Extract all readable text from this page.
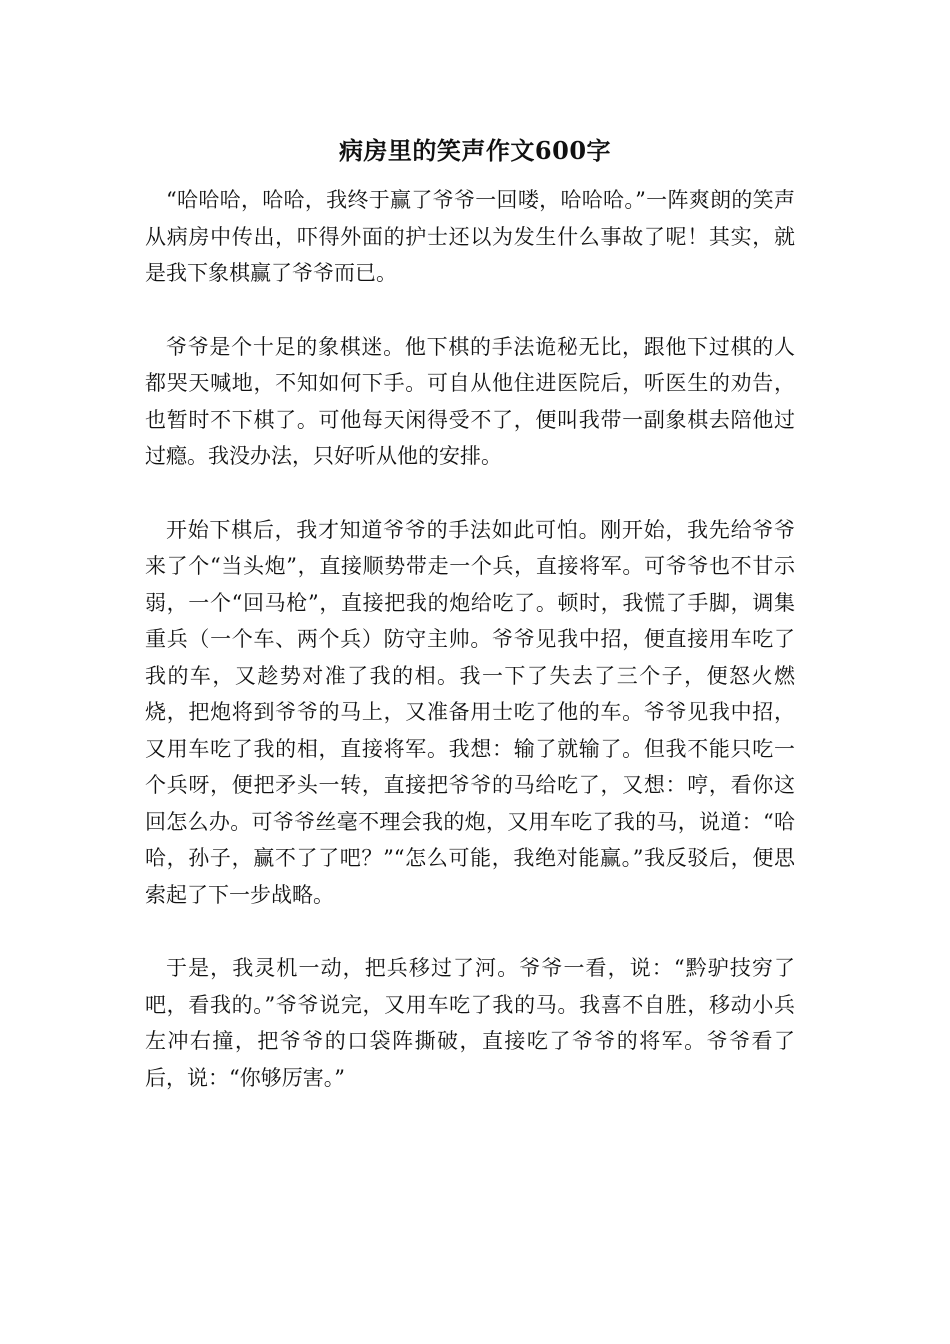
病房里的笑声作文600字

“哈哈哈，哈哈，我终于赢了爷爷一回喽，哈哈哈。”一阵爽朗的笑声从病房中传出，吓得外面的护士还以为发生什么事故了呢！其实，就是我下象棋赢了爷爷而已。

爷爷是个十足的象棋迷。他下棋的手法诡秘无比，跟他下过棋的人都哭天喊地，不知如何下手。可自从他住进医院后，听医生的劝告，也暂时不下棋了。可他每天闲得受不了，便叫我带一副象棋去陪他过过瘾。我没办法，只好听从他的安排。

开始下棋后，我才知道爷爷的手法如此可怕。刚开始，我先给爷爷来了个“当头炮”，直接顺势带走一个兵，直接将军。可爷爷也不甘示弱，一个“回马枪”，直接把我的炮给吃了。顿时，我慌了手脚，调集重兵（一个车、两个兵）防守主帅。爷爷见我中招，便直接用车吃了我的车，又趁势对准了我的相。我一下了失去了三个子，便怒火燃烧，把炮将到爷爷的马上，又准备用士吃了他的车。爷爷见我中招，又用车吃了我的相，直接将军。我想：输了就输了。但我不能只吃一个兵呀，便把矛头一转，直接把爷爷的马给吃了，又想：哼，看你这回怎么办。可爷爷丝毫不理会我的炮，又用车吃了我的马，说道：“哈哈，孙子，赢不了了吧？”“怎么可能，我绝对能赢。”我反驳后，便思索起了下一步战略。

于是，我灵机一动，把兵移过了河。爷爷一看，说：“黔驴技穷了吧，看我的。”爷爷说完，又用车吃了我的马。我喜不自胜，移动小兵左冲右撞，把爷爷的口袋阵撕破，直接吃了爷爷的将军。爷爷看了后，说：“你够厉害。”
